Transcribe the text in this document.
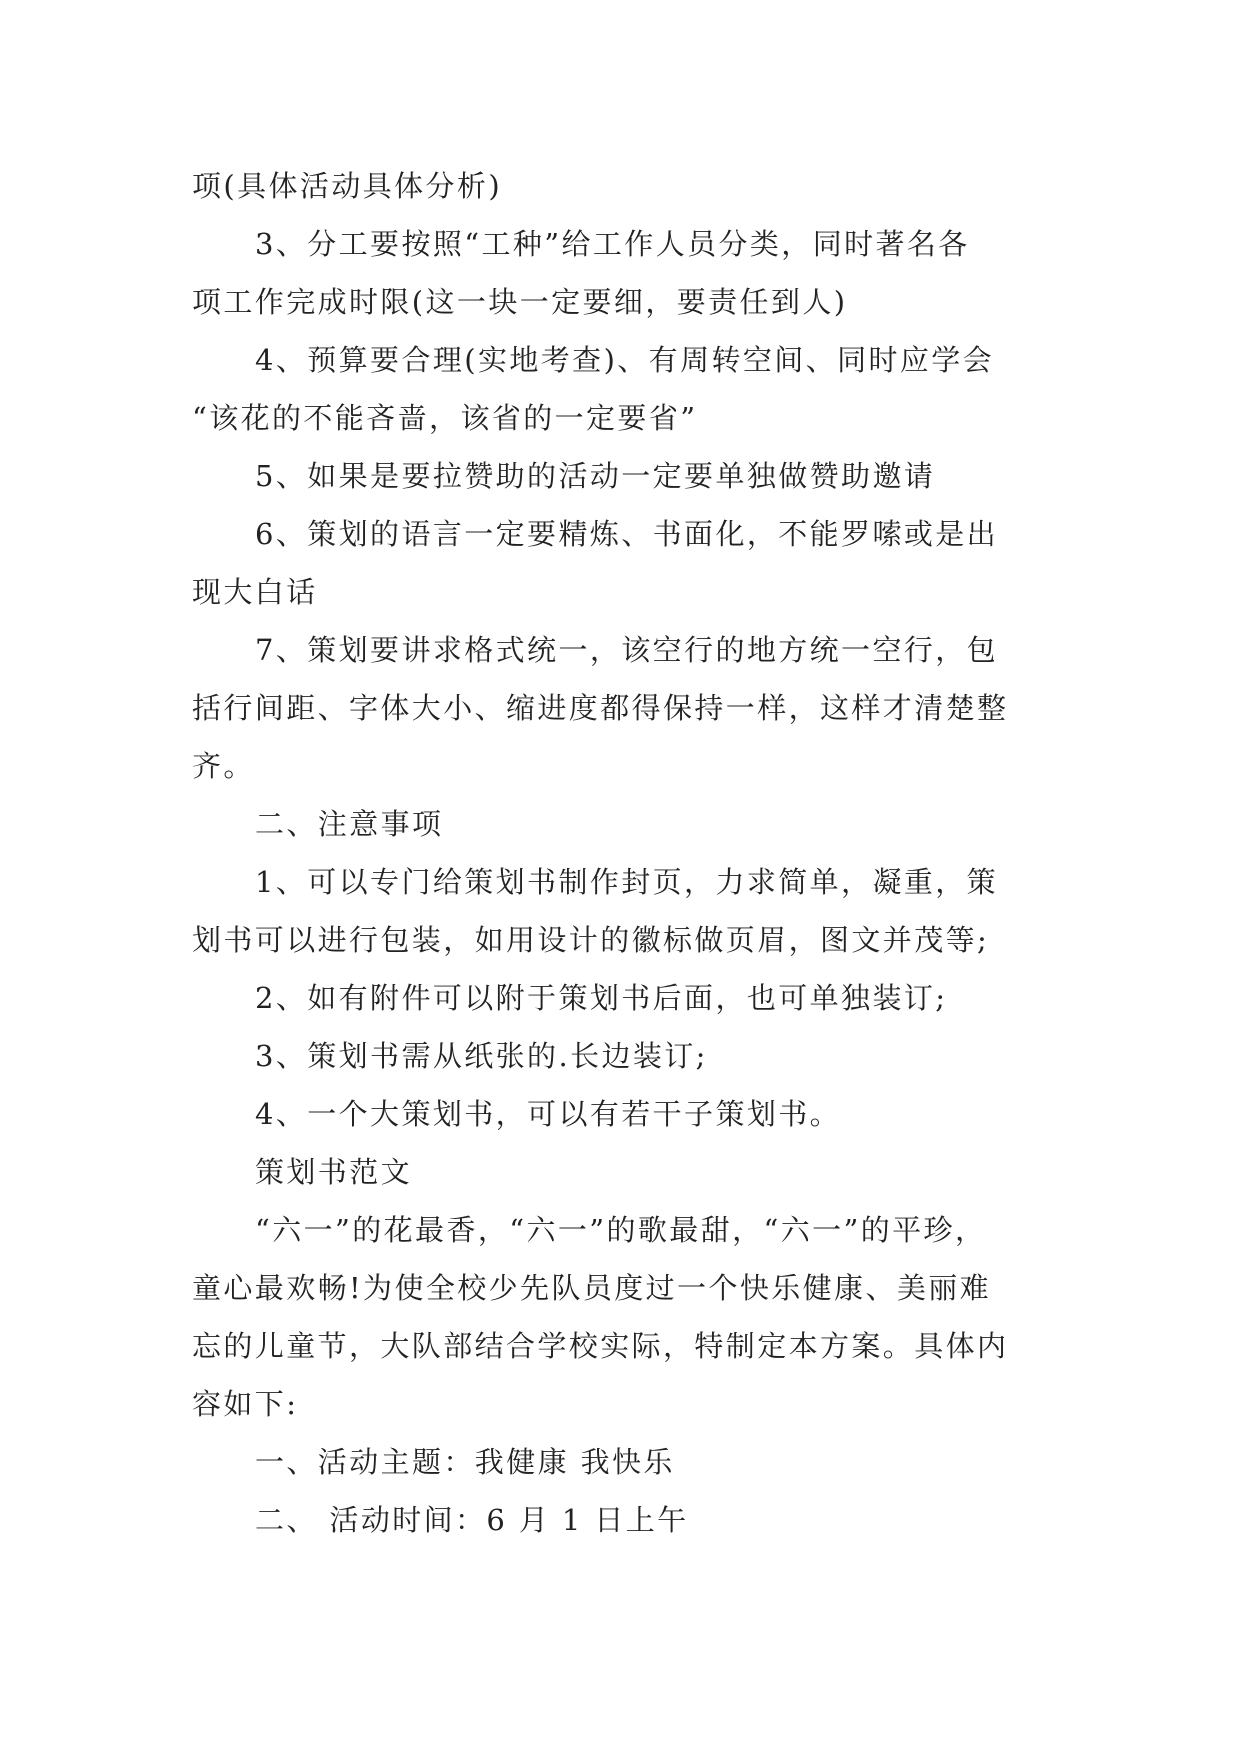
项(具体活动具体分析)
3、分工要按照“工种”给工作人员分类，同时著名各
项工作完成时限(这一块一定要细，要责任到人)
4、预算要合理(实地考查)、有周转空间、同时应学会
“该花的不能吝啬，该省的一定要省”
5、如果是要拉赞助的活动一定要单独做赞助邀请
6、策划的语言一定要精炼、书面化，不能罗嗦或是出
现大白话
7、策划要讲求格式统一，该空行的地方统一空行，包
括行间距、字体大小、缩进度都得保持一样，这样才清楚整
齐。
二、注意事项
1、可以专门给策划书制作封页，力求简单，凝重，策
划书可以进行包装，如用设计的徽标做页眉，图文并茂等;
2、如有附件可以附于策划书后面，也可单独装订;
3、策划书需从纸张的.长边装订;
4、一个大策划书，可以有若干子策划书。
策划书范文
“六一”的花最香，“六一”的歌最甜，“六一”的平珍，
童心最欢畅!为使全校少先队员度过一个快乐健康、美丽难
忘的儿童节，大队部结合学校实际，特制定本方案。具体内
容如下:
一、活动主题：我健康 我快乐
二、 活动时间：6 月 1 日上午
